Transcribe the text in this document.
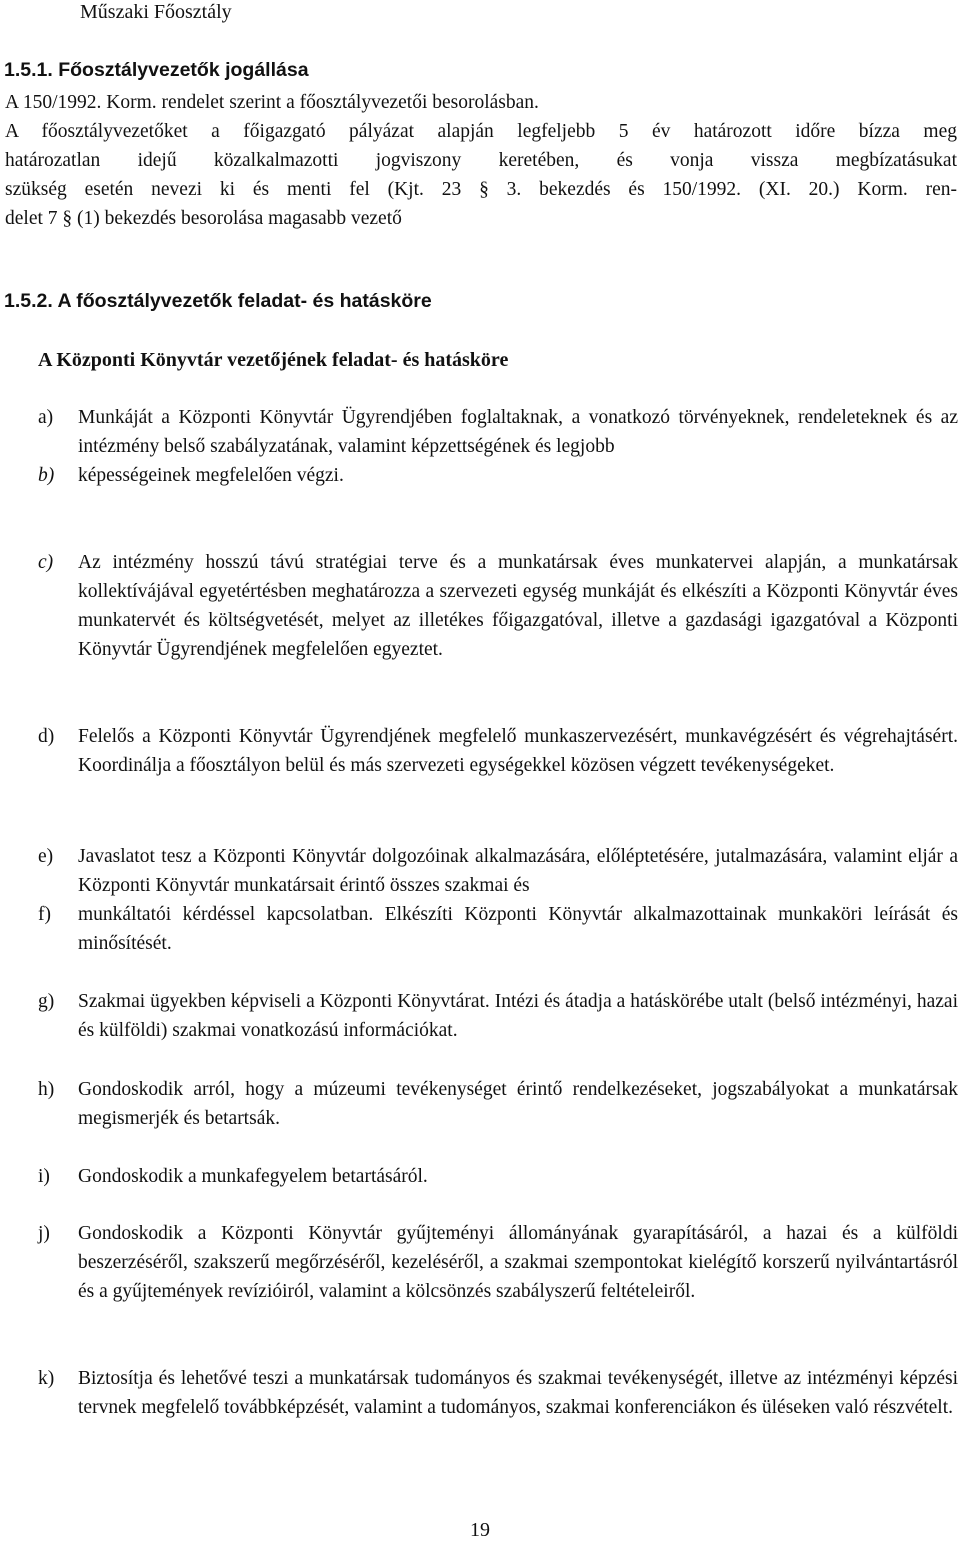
Műszaki Főosztály
1.5.1. Főosztályvezetők jogállása

A 150/1992. Korm. rendelet szerint a főosztályvezetői besorolásban.

A főosztályvezetőket a főigazgató pályázat alapján legfeljebb 5 év határozott időre bízza meg

határozatlan idejű közalkalmazotti jogviszony keretében, és vonja vissza megbízatásukat

szükség esetén nevezi ki és menti fel (Kjt. 23 § 3. bekezdés és 150/1992. (XI. 20.) Korm. ren-

delet 7 § (1) bekezdés besorolása magasabb vezető

1.5.2. A főosztályvezetők feladat- és hatásköre
A Központi Könyvtár vezetőjének feladat- és hatásköre
a) Munkáját a Központi Könyvtár Ügyrendjében foglaltaknak, a vonatkozó törvényeknek, rendeleteknek és az intézmény belső szabályzatának, valamint képzettségének és legjobb

b) képességeinek megfelelően végzi.

c) Az intézmény hosszú távú stratégiai terve és a munkatársak éves munkatervei alapján, a munkatársak kollektívájával egyetértésben meghatározza a szervezeti egység munkáját és elkészíti a Központi Könyvtár éves munkatervét és költségvetését, melyet az illetékes főigazgatóval, illetve a gazdasági igazgatóval a Központi Könyvtár Ügyrendjének megfelelően egyeztet.

d) Felelős a Központi Könyvtár Ügyrendjének megfelelő munkaszervezésért, munkavégzésért és végrehajtásért. Koordinálja a főosztályon belül és más szervezeti egységekkel közösen végzett tevékenységeket.

e) Javaslatot tesz a Központi Könyvtár dolgozóinak alkalmazására, előléptetésére, jutalmazására, valamint eljár a Központi Könyvtár munkatársait érintő összes szakmai és

f) munkáltatói kérdéssel kapcsolatban. Elkészíti Központi Könyvtár alkalmazottainak munkaköri leírását és minősítését.

g) Szakmai ügyekben képviseli a Központi Könyvtárat. Intézi és átadja a hatáskörébe utalt (belső intézményi, hazai és külföldi) szakmai vonatkozású információkat.

h) Gondoskodik arról, hogy a múzeumi tevékenységet érintő rendelkezéseket, jogszabályokat a munkatársak megismerjék és betartsák.

i) Gondoskodik a munkafegyelem betartásáról.

j) Gondoskodik a Központi Könyvtár gyűjteményi állományának gyarapításáról, a hazai és a külföldi beszerzéséről, szakszerű megőrzéséről, kezeléséről, a szakmai szempontokat kielégítő korszerű nyilvántartásról és a gyűjtemények revízióiról, valamint a kölcsönzés szabályszerű feltételeiről.

k) Biztosítja és lehetővé teszi a munkatársak tudományos és szakmai tevékenységét, illetve az intézményi képzési tervnek megfelelő továbbképzését, valamint a tudományos, szakmai konferenciákon és üléseken való részvételt.

19
